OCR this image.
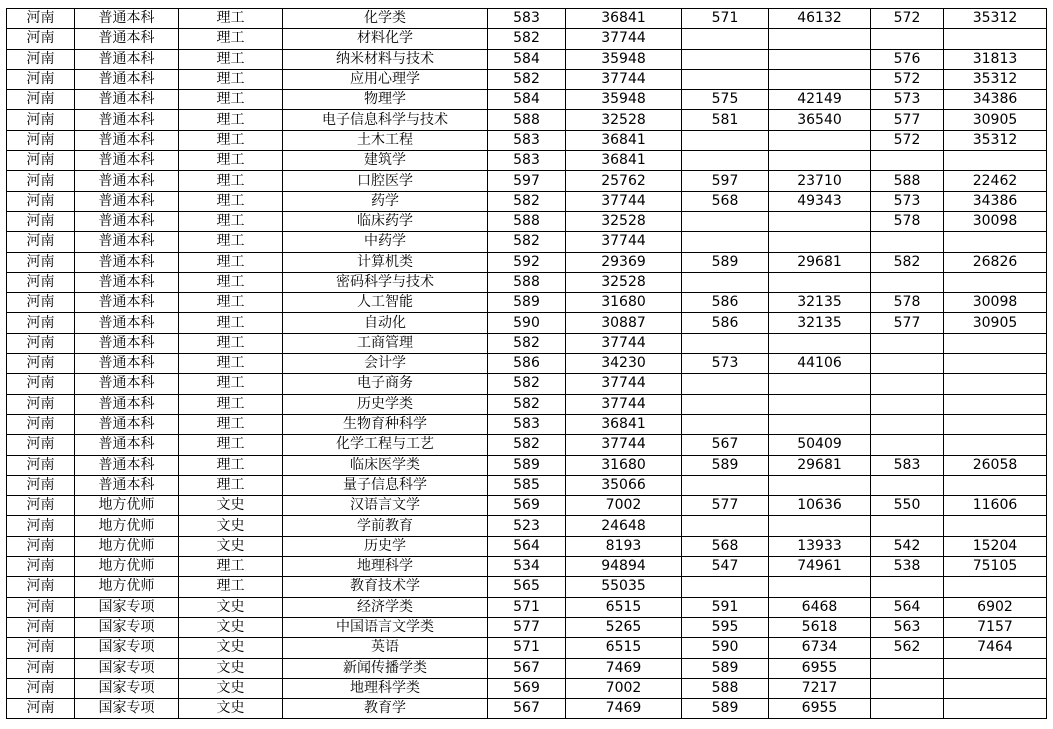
河南	普通本科	理工	化学类	583	36841	571	46132	572	35312
河南	普通本科	理工	材料化学	582	37744				
河南	普通本科	理工	纳米材料与技术	584	35948			576	31813
河南	普通本科	理工	应用心理学	582	37744			572	35312
河南	普通本科	理工	物理学	584	35948	575	42149	573	34386
河南	普通本科	理工	电子信息科学与技术	588	32528	581	36540	577	30905
河南	普通本科	理工	土木工程	583	36841			572	35312
河南	普通本科	理工	建筑学	583	36841				
河南	普通本科	理工	口腔医学	597	25762	597	23710	588	22462
河南	普通本科	理工	药学	582	37744	568	49343	573	34386
河南	普通本科	理工	临床药学	588	32528			578	30098
河南	普通本科	理工	中药学	582	37744				
河南	普通本科	理工	计算机类	592	29369	589	29681	582	26826
河南	普通本科	理工	密码科学与技术	588	32528				
河南	普通本科	理工	人工智能	589	31680	586	32135	578	30098
河南	普通本科	理工	自动化	590	30887	586	32135	577	30905
河南	普通本科	理工	工商管理	582	37744				
河南	普通本科	理工	会计学	586	34230	573	44106		
河南	普通本科	理工	电子商务	582	37744				
河南	普通本科	理工	历史学类	582	37744				
河南	普通本科	理工	生物育种科学	583	36841				
河南	普通本科	理工	化学工程与工艺	582	37744	567	50409		
河南	普通本科	理工	临床医学类	589	31680	589	29681	583	26058
河南	普通本科	理工	量子信息科学	585	35066				
河南	地方优师	文史	汉语言文学	569	7002	577	10636	550	11606
河南	地方优师	文史	学前教育	523	24648				
河南	地方优师	文史	历史学	564	8193	568	13933	542	15204
河南	地方优师	理工	地理科学	534	94894	547	74961	538	75105
河南	地方优师	理工	教育技术学	565	55035				
河南	国家专项	文史	经济学类	571	6515	591	6468	564	6902
河南	国家专项	文史	中国语言文学类	577	5265	595	5618	563	7157
河南	国家专项	文史	英语	571	6515	590	6734	562	7464
河南	国家专项	文史	新闻传播学类	567	7469	589	6955		
河南	国家专项	文史	地理科学类	569	7002	588	7217		
河南	国家专项	文史	教育学	567	7469	589	6955		
